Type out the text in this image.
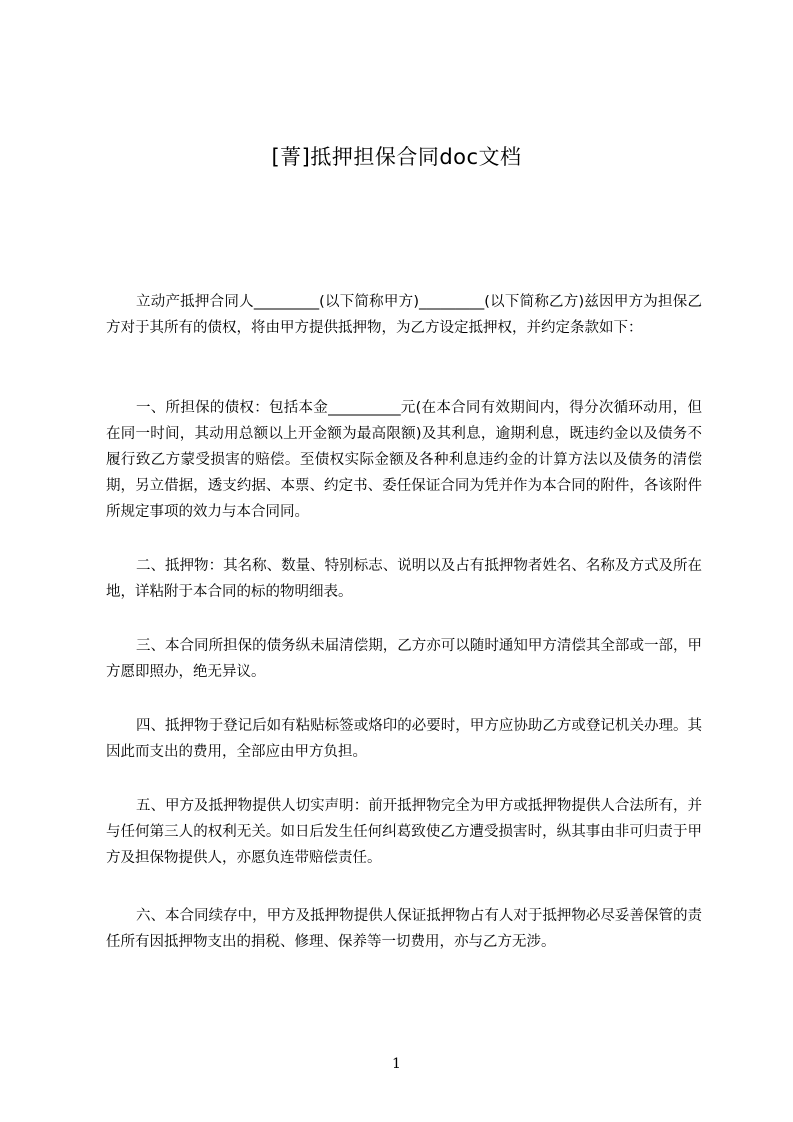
[菁]抵押担保合同doc文档

立动产抵押合同人_________(以下简称甲方)_________(以下简称乙方)兹因甲方为担保乙方对于其所有的债权，将由甲方提供抵押物，为乙方设定抵押权，并约定条款如下：

一、所担保的债权：包括本金__________元(在本合同有效期间内，得分次循环动用，但在同一时间，其动用总额以上开金额为最高限额)及其利息，逾期利息，既违约金以及债务不履行致乙方蒙受损害的赔偿。至债权实际金额及各种利息违约金的计算方法以及债务的清偿期，另立借据，透支约据、本票、约定书、委任保证合同为凭并作为本合同的附件，各该附件所规定事项的效力与本合同同。

二、抵押物：其名称、数量、特别标志、说明以及占有抵押物者姓名、名称及方式及所在地，详粘附于本合同的标的物明细表。

三、本合同所担保的债务纵未届清偿期，乙方亦可以随时通知甲方清偿其全部或一部，甲方愿即照办，绝无异议。

四、抵押物于登记后如有粘贴标签或烙印的必要时，甲方应协助乙方或登记机关办理。其因此而支出的费用，全部应由甲方负担。

五、甲方及抵押物提供人切实声明：前开抵押物完全为甲方或抵押物提供人合法所有，并与任何第三人的权利无关。如日后发生任何纠葛致使乙方遭受损害时，纵其事由非可归责于甲方及担保物提供人，亦愿负连带赔偿责任。

六、本合同续存中，甲方及抵押物提供人保证抵押物占有人对于抵押物必尽妥善保管的责任所有因抵押物支出的捐税、修理、保养等一切费用，亦与乙方无涉。

1
